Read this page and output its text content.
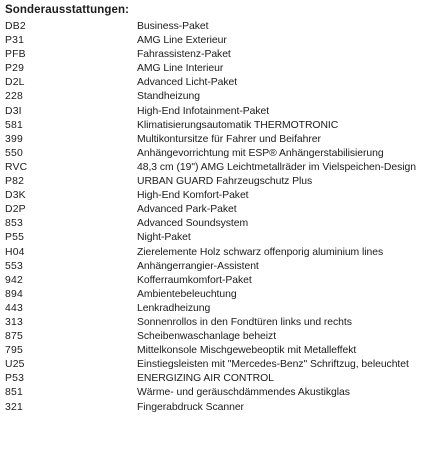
Sonderausstattungen:
DB2	Business-Paket
P31	AMG Line Exterieur
PFB	Fahrassistenz-Paket
P29	AMG Line Interieur
D2L	Advanced Licht-Paket
228	Standheizung
D3I	High-End Infotainment-Paket
581	Klimatisierungsautomatik THERMOTRONIC
399	Multikontursitze für Fahrer und Beifahrer
550	Anhängevorrichtung mit ESP® Anhängerstabilisierung
RVC	48,3 cm (19") AMG Leichtmetallräder im Vielspeichen-Design
P82	URBAN GUARD Fahrzeugschutz Plus
D3K	High-End Komfort-Paket
D2P	Advanced Park-Paket
853	Advanced Soundsystem
P55	Night-Paket
H04	Zierelemente Holz schwarz offenporig aluminium lines
553	Anhängerrangier-Assistent
942	Kofferraumkomfort-Paket
894	Ambientebeleuchtung
443	Lenkradheizung
313	Sonnenrollos in den Fondtüren links und rechts
875	Scheibenwaschanlage beheizt
795	Mittelkonsole Mischgewebeoptik mit Metalleffekt
U25	Einstiegsleisten mit "Mercedes-Benz" Schriftzug, beleuchtet
P53	ENERGIZING AIR CONTROL
851	Wärme- und geräuschdämmendes Akustikglas
321	Fingerabdruck Scanner
